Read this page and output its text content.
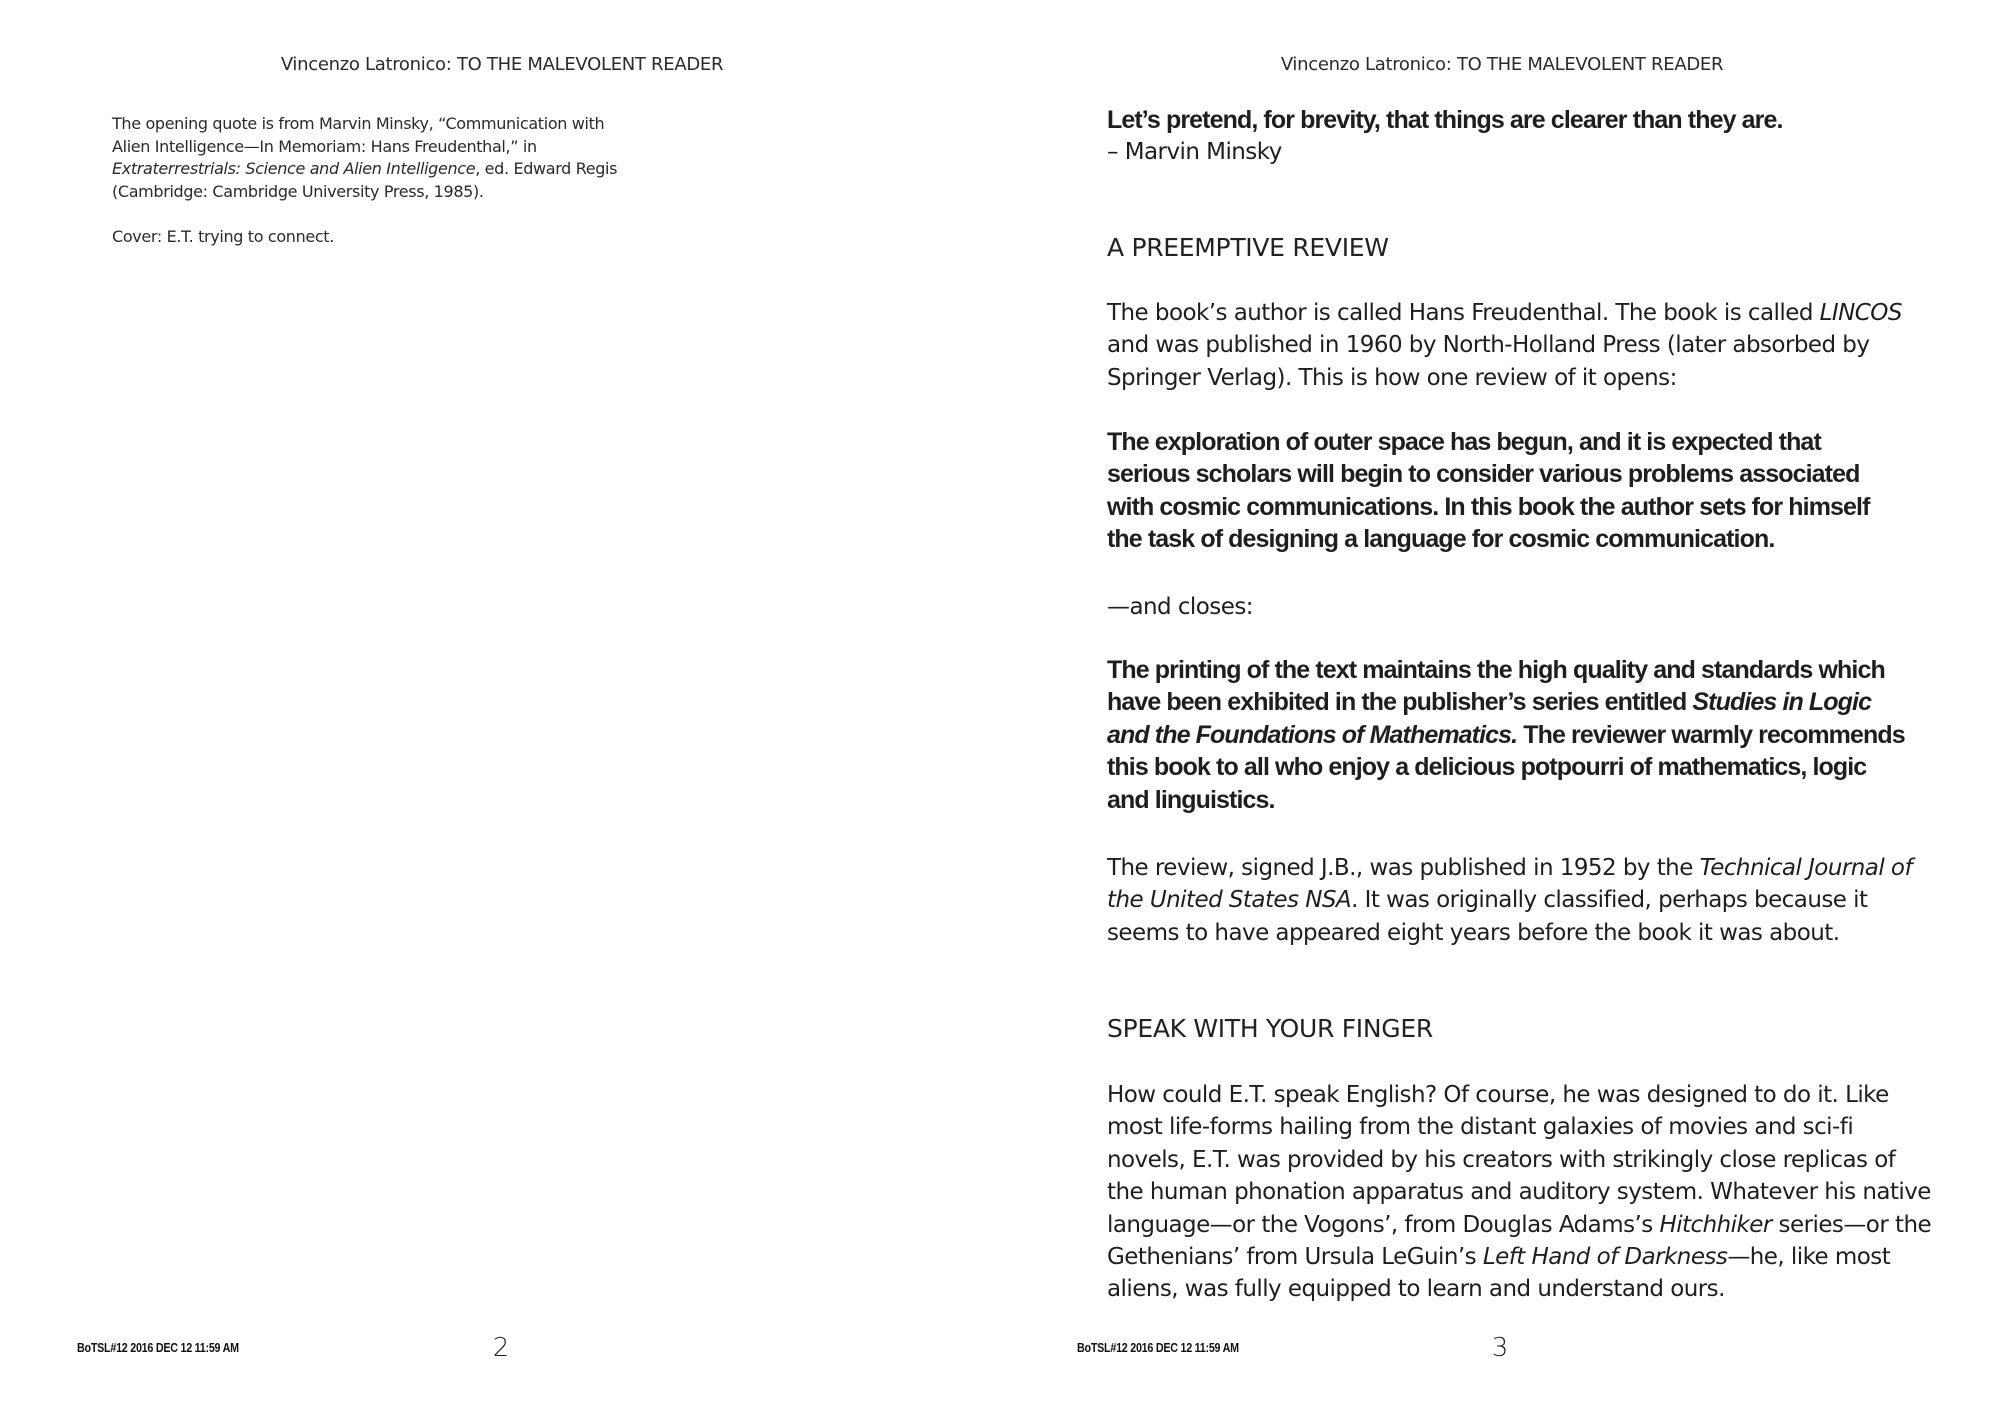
Vincenzo Latronico: TO THE MALEVOLENT READER

The opening quote is from Marvin Minsky, “Communication with
Alien Intelligence—In Memoriam: Hans Freudenthal,” in
Extraterrestrials: Science and Alien Intelligence, ed. Edward Regis
(Cambridge: Cambridge University Press, 1985).

Cover: E.T. trying to connect.

BoTSL#12 2016 DEC 12 11:59 AM	2
Vincenzo Latronico: TO THE MALEVOLENT READER

Let’s pretend, for brevity, that things are clearer than they are.

– Marvin Minsky

A PREEMPTIVE REVIEW

The book’s author is called Hans Freudenthal. The book is called LINCOS and was published in 1960 by North-Holland Press (later absorbed by Springer Verlag). This is how one review of it opens:

The exploration of outer space has begun, and it is expected that serious scholars will begin to consider various problems associated with cosmic communications. In this book the author sets for himself the task of designing a language for cosmic communication.
—and closes:
The printing of the text maintains the high quality and standards which have been exhibited in the publisher’s series entitled Studies in Logic and the Foundations of Mathematics. The reviewer warmly recommends this book to all who enjoy a delicious potpourri of mathematics, logic and linguistics.
The review, signed J.B., was published in 1952 by the Technical Journal of the United States NSA. It was originally classified, perhaps because it seems to have appeared eight years before the book it was about.
SPEAK WITH YOUR FINGER
How could E.T. speak English? Of course, he was designed to do it. Like most life-forms hailing from the distant galaxies of movies and sci-fi novels, E.T. was provided by his creators with strikingly close replicas of the human phonation apparatus and auditory system. Whatever his native language—or the Vogons’, from Douglas Adams’s Hitchhiker series—or the Gethenians’ from Ursula LeGuin’s Left Hand of Darkness—he, like most aliens, was fully equipped to learn and understand ours.
BoTSL#12 2016 DEC 12 11:59 AM	3
